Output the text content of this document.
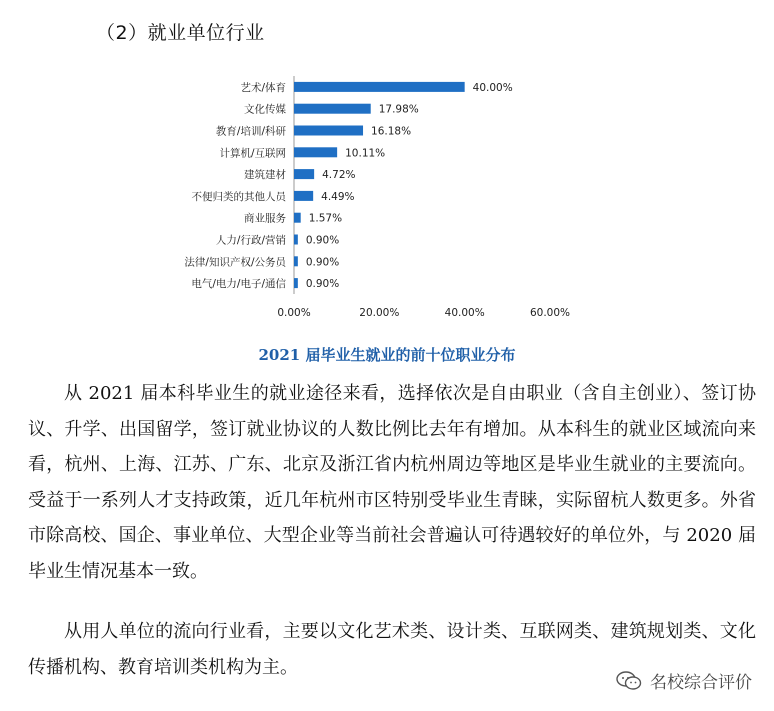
（2）就业单位行业
艺术/体育	40.00%
文化传媒	17.98%
教育/培训/科研	16.18%
计算机/互联网	10.11%
建筑建材	4.72%
不便归类的其他人员	4.49%
商业服务 1.57%
人力/行政/营销 0.90%
法律/知识产权/公务员 0.90%
电气/电力/电子/通信 0.90%
0.00%	20.00%	40.00%	60.00%
2021 届毕业生就业的前十位职业分布

从 2021 届本科毕业生的就业途径来看，选择依次是自由职业（含自主创业）、签订协议、升学、出国留学，签订就业协议的人数比例比去年有增加。从本科生的就业区域流向来看，杭州、上海、江苏、广东、北京及浙江省内杭州周边等地区是毕业生就业的主要流向。受益于一系列人才支持政策，近几年杭州市区特别受毕业生青睐，实际留杭人数更多。外省市除高校、国企、事业单位、大型企业等当前社会普遍认可待遇较好的单位外，与 2020 届毕业生情况基本一致。

从用人单位的流向行业看，主要以文化艺术类、设计类、互联网类、建筑规划类、文化传播机构、教育培训类机构为主。

名校综合评价
